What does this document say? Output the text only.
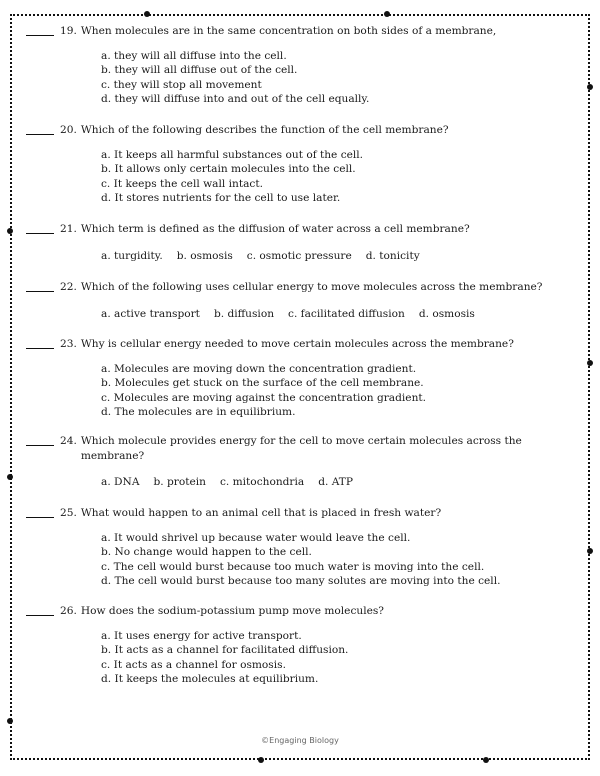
19. When molecules are in the same concentration on both sides of a membrane,
a. they will all diffuse into the cell.
b. they will all diffuse out of the cell.
c. they will stop all movement
d. they will diffuse into and out of the cell equally.
20. Which of the following describes the function of the cell membrane?
a. It keeps all harmful substances out of the cell.
b. It allows only certain molecules into the cell.
c. It keeps the cell wall intact.
d. It stores nutrients for the cell to use later.
21. Which term is defined as the diffusion of water across a cell membrane?
a. turgidity. b. osmosis c. osmotic pressure d. tonicity
22. Which of the following uses cellular energy to move molecules across the membrane?
a. active transport b. diffusion c. facilitated diffusion d. osmosis
23. Why is cellular energy needed to move certain molecules across the membrane?
a. Molecules are moving down the concentration gradient.
b. Molecules get stuck on the surface of the cell membrane.
c. Molecules are moving against the concentration gradient.
d. The molecules are in equilibrium.
24. Which molecule provides energy for the cell to move certain molecules across the membrane?
a. DNA b. protein c. mitochondria d. ATP
25. What would happen to an animal cell that is placed in fresh water?
a. It would shrivel up because water would leave the cell.
b. No change would happen to the cell.
c. The cell would burst because too much water is moving into the cell.
d. The cell would burst because too many solutes are moving into the cell.
26. How does the sodium-potassium pump move molecules?
a. It uses energy for active transport.
b. It acts as a channel for facilitated diffusion.
c. It acts as a channel for osmosis.
d. It keeps the molecules at equilibrium.
©Engaging Biology
